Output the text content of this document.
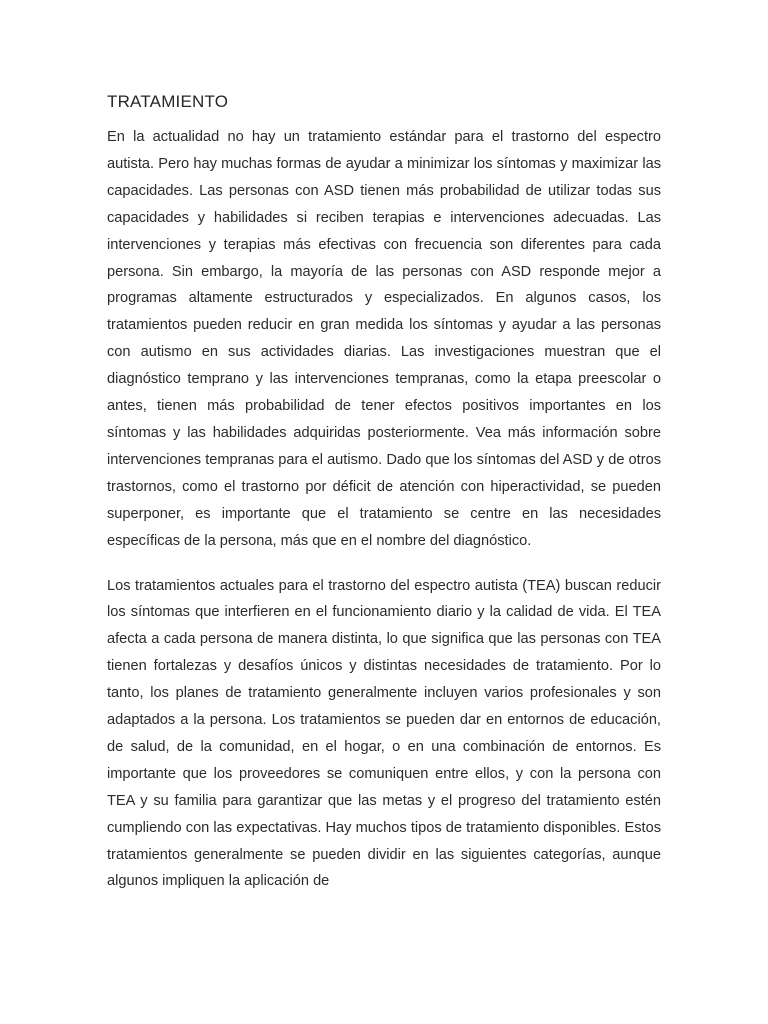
TRATAMIENTO

En la actualidad no hay un tratamiento estándar para el trastorno del espectro autista. Pero hay muchas formas de ayudar a minimizar los síntomas y maximizar las capacidades. Las personas con ASD tienen más probabilidad de utilizar todas sus capacidades y habilidades si reciben terapias e intervenciones adecuadas. Las intervenciones y terapias más efectivas con frecuencia son diferentes para cada persona. Sin embargo, la mayoría de las personas con ASD responde mejor a programas altamente estructurados y especializados. En algunos casos, los tratamientos pueden reducir en gran medida los síntomas y ayudar a las personas con autismo en sus actividades diarias. Las investigaciones muestran que el diagnóstico temprano y las intervenciones tempranas, como la etapa preescolar o antes, tienen más probabilidad de tener efectos positivos importantes en los síntomas y las habilidades adquiridas posteriormente. Vea más información sobre intervenciones tempranas para el autismo. Dado que los síntomas del ASD y de otros trastornos, como el trastorno por déficit de atención con hiperactividad, se pueden superponer, es importante que el tratamiento se centre en las necesidades específicas de la persona, más que en el nombre del diagnóstico.

Los tratamientos actuales para el trastorno del espectro autista (TEA) buscan reducir los síntomas que interfieren en el funcionamiento diario y la calidad de vida. El TEA afecta a cada persona de manera distinta, lo que significa que las personas con TEA tienen fortalezas y desafíos únicos y distintas necesidades de tratamiento. Por lo tanto, los planes de tratamiento generalmente incluyen varios profesionales y son adaptados a la persona. Los tratamientos se pueden dar en entornos de educación, de salud, de la comunidad, en el hogar, o en una combinación de entornos. Es importante que los proveedores se comuniquen entre ellos, y con la persona con TEA y su familia para garantizar que las metas y el progreso del tratamiento estén cumpliendo con las expectativas. Hay muchos tipos de tratamiento disponibles. Estos tratamientos generalmente se pueden dividir en las siguientes categorías, aunque algunos impliquen la aplicación de
